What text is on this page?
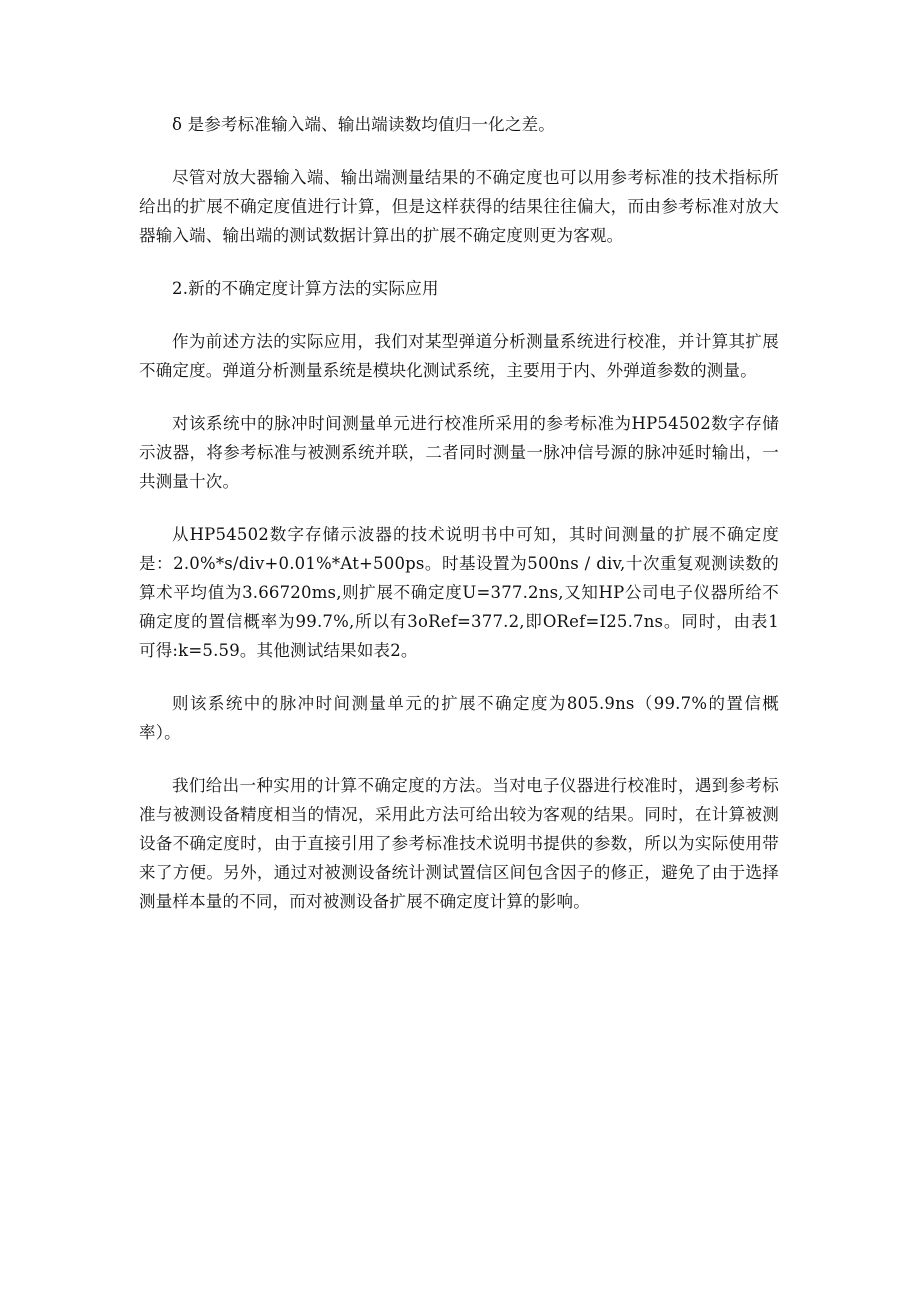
δ 是参考标准输入端、输出端读数均值归一化之差。

尽管对放大器输入端、输出端测量结果的不确定度也可以用参考标准的技术指标所给出的扩展不确定度值进行计算，但是这样获得的结果往往偏大，而由参考标准对放大器输入端、输出端的测试数据计算出的扩展不确定度则更为客观。

2.新的不确定度计算方法的实际应用

作为前述方法的实际应用，我们对某型弹道分析测量系统进行校准，并计算其扩展不确定度。弹道分析测量系统是模块化测试系统，主要用于内、外弹道参数的测量。

对该系统中的脉冲时间测量单元进行校准所采用的参考标准为HP54502数字存储示波器，将参考标准与被测系统并联，二者同时测量一脉冲信号源的脉冲延时输出，一共测量十次。

从HP54502数字存储示波器的技术说明书中可知，其时间测量的扩展不确定度是：2.0%*s/div+0.01%*At+500ps。时基设置为500ns / div,十次重复观测读数的算术平均值为3.66720ms,则扩展不确定度U=377.2ns,又知HP公司电子仪器所给不确定度的置信概率为99.7%,所以有3oRef=377.2,即ORef=I25.7ns。同时，由表1可得:k=5.59。其他测试结果如表2。

则该系统中的脉冲时间测量单元的扩展不确定度为805.9ns（99.7%的置信概率）。

我们给出一种实用的计算不确定度的方法。当对电子仪器进行校准时，遇到参考标准与被测设备精度相当的情况，采用此方法可给出较为客观的结果。同时，在计算被测设备不确定度时，由于直接引用了参考标准技术说明书提供的参数，所以为实际使用带来了方便。另外，通过对被测设备统计测试置信区间包含因子的修正，避免了由于选择测量样本量的不同，而对被测设备扩展不确定度计算的影响。
